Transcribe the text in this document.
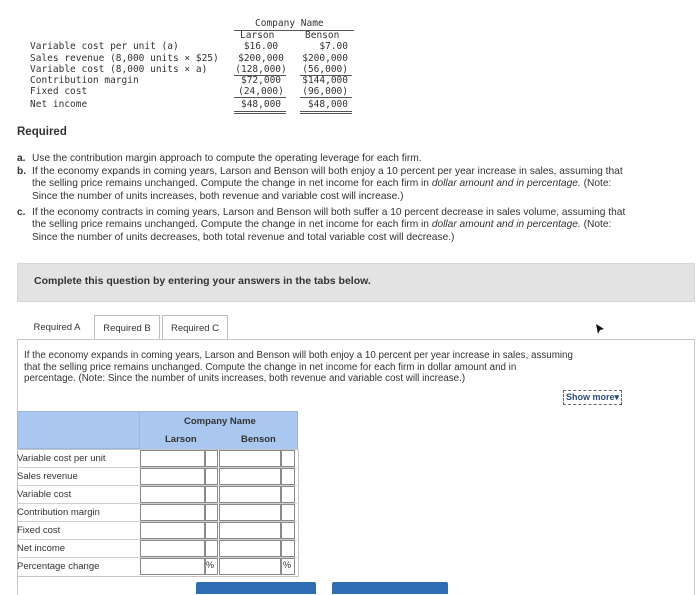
Company Name
Larson	Benson
Variable cost per unit (a)	$16.00	$7.00
Sales revenue (8,000 units × $25)	$200,000	$200,000
Variable cost (8,000 units × a)	(128,000)	(56,000)
Contribution margin	$72,000	$144,000
Fixed cost	(24,000)	(96,000)
Net income	$48,000	$48,000
Required
a. Use the contribution margin approach to compute the operating leverage for each firm.
b. If the economy expands in coming years, Larson and Benson will both enjoy a 10 percent per year increase in sales, assuming that
the selling price remains unchanged. Compute the change in net income for each firm in dollar amount and in percentage. (Note:
Since the number of units increases, both revenue and variable cost will increase.)
c. If the economy contracts in coming years, Larson and Benson will both suffer a 10 percent decrease in sales volume, assuming that
the selling price remains unchanged. Compute the change in net income for each firm in dollar amount and in percentage. (Note:
Since the number of units decreases, both total revenue and total variable cost will decrease.)
Complete this question by entering your answers in the tabs below.
Required A Required B Required C
If the economy expands in coming years, Larson and Benson will both enjoy a 10 percent per year increase in sales, assuming
that the selling price remains unchanged. Compute the change in net income for each firm in dollar amount and in
percentage. (Note: Since the number of units increases, both revenue and variable cost will increase.)
Show more▾
Company Name
Larson	Benson
Variable cost per unit
Sales revenue
Variable cost
Contribution margin
Fixed cost
Net income
Percentage change	%	%
